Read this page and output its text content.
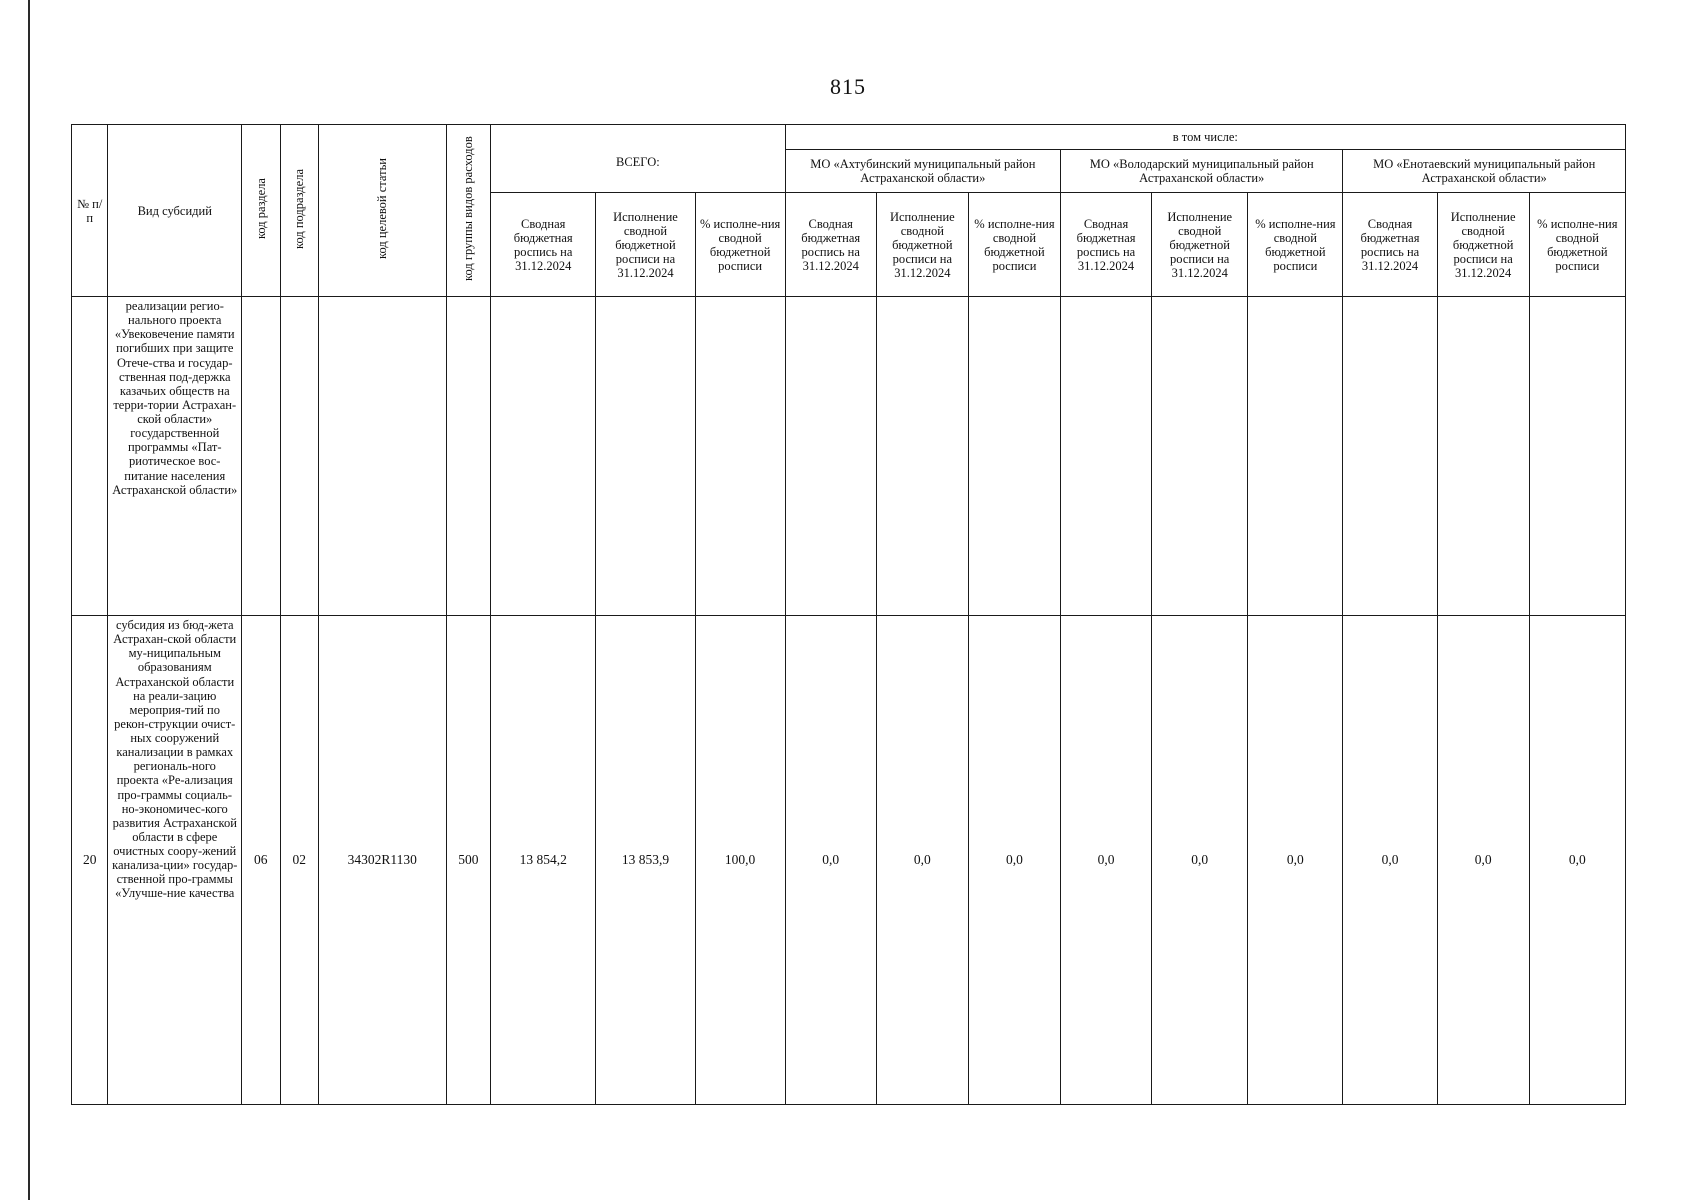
815
№ п/п	Вид субсидий	код раздела	код подраздела	код целевой статьи	код группы видов расходов	ВСЕГО:			в том числе:								
									МО «Ахтубинский муниципальный район Астраханской области»			МО «Володарский муниципальный район Астраханской области»			МО «Енотаевский муниципальный район Астраханской области»		
						Сводная бюджетная роспись на 31.12.2024	Исполнение сводной бюджетной росписи на 31.12.2024	% исполне-ния сводной бюджетной росписи	Сводная бюджетная роспись на 31.12.2024	Исполнение сводной бюджетной росписи на 31.12.2024	% исполне-ния сводной бюджетной росписи	Сводная бюджетная роспись на 31.12.2024	Исполнение сводной бюджетной росписи на 31.12.2024	% исполне-ния сводной бюджетной росписи	Сводная бюджетная роспись на 31.12.2024	Исполнение сводной бюджетной росписи на 31.12.2024	% исполне-ния сводной бюджетной росписи
	реализации регио-нального проекта «Увековечение памяти погибших при защите Отече-ства и государ-ственная под-держка казачьих обществ на терри-тории Астрахан-ской области» государственной программы «Пат-риотическое вос-питание населения Астраханской области»																
20	субсидия из бюд-жета Астрахан-ской области му-ниципальным образованиям Астраханской области на реали-зацию мероприя-тий по рекон-струкции очист-ных сооружений канализации в рамках региональ-ного проекта «Ре-ализация про-граммы социаль-но-экономичес-кого развития Астраханской области в сфере очистных соору-жений канализа-ции» государ-ственной про-граммы «Улучше-ние качества	06	02	34302R1130	500	13 854,2	13 853,9	100,0	0,0	0,0	0,0	0,0	0,0	0,0	0,0	0,0	0,0
